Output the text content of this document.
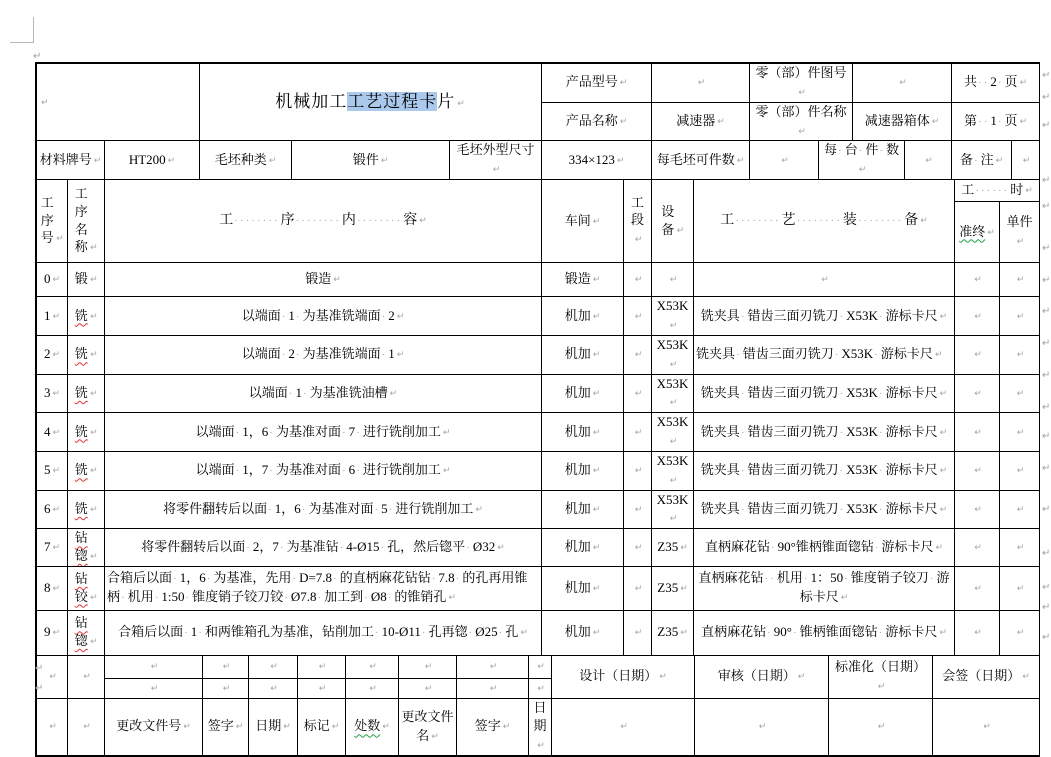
↵	机械加工工艺过程卡片 ↵			产品型号 ↵	↵	零（部）件图号 ↵	↵			共··2·页 ↵
					产品名称 ↵	减速器 ↵	零（部）件名称 ↵		减速器箱体 ↵		第··1·页 ↵
材料牌号 ↵	HT200 ↵	毛坯种类 ↵	锻件 ↵	毛坯外型尺寸 ↵	334×123 ↵	每毛坯可件数 ↵	↵	每·台·件·数 ↵	↵		备·注 ↵	↵
工序号 ↵	工序名称 ↵	工········序········内········容 ↵	车间 ↵	工段 ↵	设备 ↵	工········艺········装········备 ↵	工······时 ↵
							准终 ↵	单件 ↵
0 ↵	锻 ↵	锻造 ↵	锻造 ↵	↵	↵	↵	↵	↵
1 ↵	铣 ↵	以端面·1·为基准铣端面·2 ↵	机加 ↵	↵	X53K ↵	铣夹具·错齿三面刃铣刀·X53K·游标卡尺 ↵	↵	↵
2 ↵	铣 ↵	以端面·2·为基准铣端面·1 ↵	机加 ↵	↵	X53K ↵	铣夹具·错齿三面刃铣刀·X53K·游标卡尺 ↵	↵	↵
3 ↵	铣 ↵	以端面·1·为基准铣油槽 ↵	机加 ↵	↵	X53K ↵	铣夹具·错齿三面刃铣刀·X53K·游标卡尺 ↵	↵	↵
4 ↵	铣 ↵	以端面·1，6·为基准对面·7·进行铣削加工 ↵	机加 ↵	↵	X53K ↵	铣夹具·错齿三面刃铣刀·X53K·游标卡尺 ↵	↵	↵
5 ↵	铣 ↵	以端面·1，7·为基准对面·6·进行铣削加工 ↵	机加 ↵	↵	X53K ↵	铣夹具·错齿三面刃铣刀·X53K·游标卡尺 ↵	↵	↵
6 ↵	铣 ↵	将零件翻转后以面·1，6·为基准对面·5·进行铣削加工 ↵	机加 ↵	↵	X53K ↵	铣夹具·错齿三面刃铣刀·X53K·游标卡尺 ↵	↵	↵
7 ↵	钻锪 ↵	将零件翻转后以面·2，7·为基准钻·4-Ø15·孔，然后锪平·Ø32 ↵	机加 ↵	↵	Z35 ↵	直柄麻花钻·90°锥柄锥面锪钻·游标卡尺 ↵	↵	↵
8 ↵	钻铰 ↵	合箱后以面·1，6·为基准，先用·D=7.8·的直柄麻花钻钻·7.8·的孔再用锥柄·机用·1:50·锥度销子铰刀铰·Ø7.8·加工到·Ø8·的锥销孔 ↵	机加 ↵	↵	Z35 ↵	直柄麻花钻··机用·1：50·锥度销子铰刀·游标卡尺 ↵	↵	↵
9 ↵	钻锪 ↵	合箱后以面·1·和两锥箱孔为基准，钻削加工·10-Ø11·孔再锪·Ø25·孔 ↵	机加 ↵	↵	Z35 ↵	直柄麻花钻·90°·锥柄锥面锪钻·游标卡尺 ↵	↵	↵
↵	↵	↵	↵	↵	↵	↵	↵	↵	↵	设计（日期） ↵	审核（日期） ↵	标准化（日期） ↵	会签（日期） ↵
↵	↵	↵	↵	↵	↵	↵	↵
↵	↵	更改文件号 ↵	签字 ↵	日期 ↵	标记 ↵	处数 ↵	更改文件名 ↵	签字 ↵	日期 ↵	↵	↵	↵	↵
↵
↵
↵
↵
↵
↵
↵
↵
↵
↵
↵
↵
↵
↵
↵
↵
↵
↵
↵
↵
↵
